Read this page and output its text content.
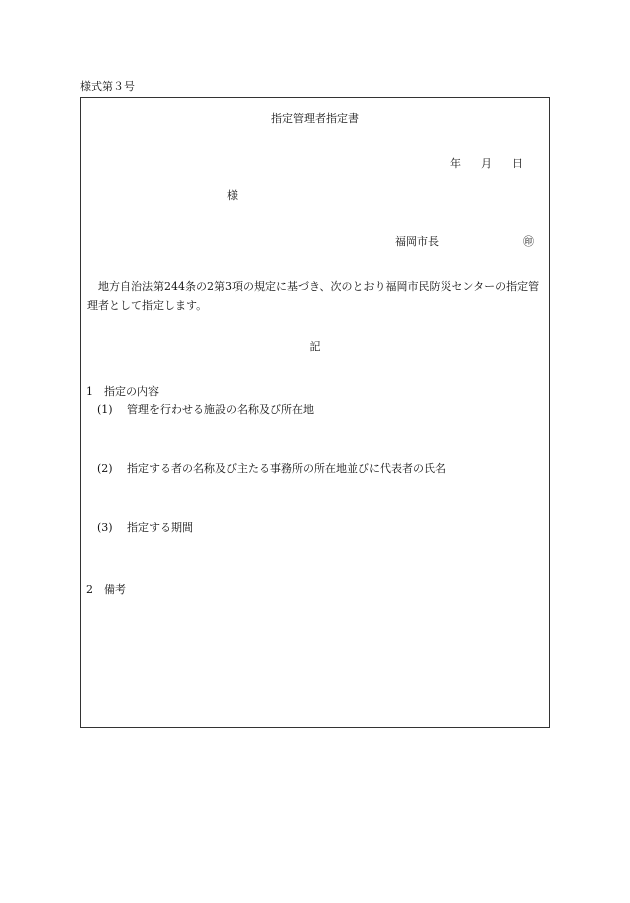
様式第３号
指定管理者指定書
年 月 日
様
福岡市長	㊞
地方自治法第244条の2第3項の規定に基づき、次のとおり福岡市民防災センターの指定管理者として指定します。
記
1　指定の内容
(1) 管理を行わせる施設の名称及び所在地
(2) 指定する者の名称及び主たる事務所の所在地並びに代表者の氏名
(3) 指定する期間
2　備考
